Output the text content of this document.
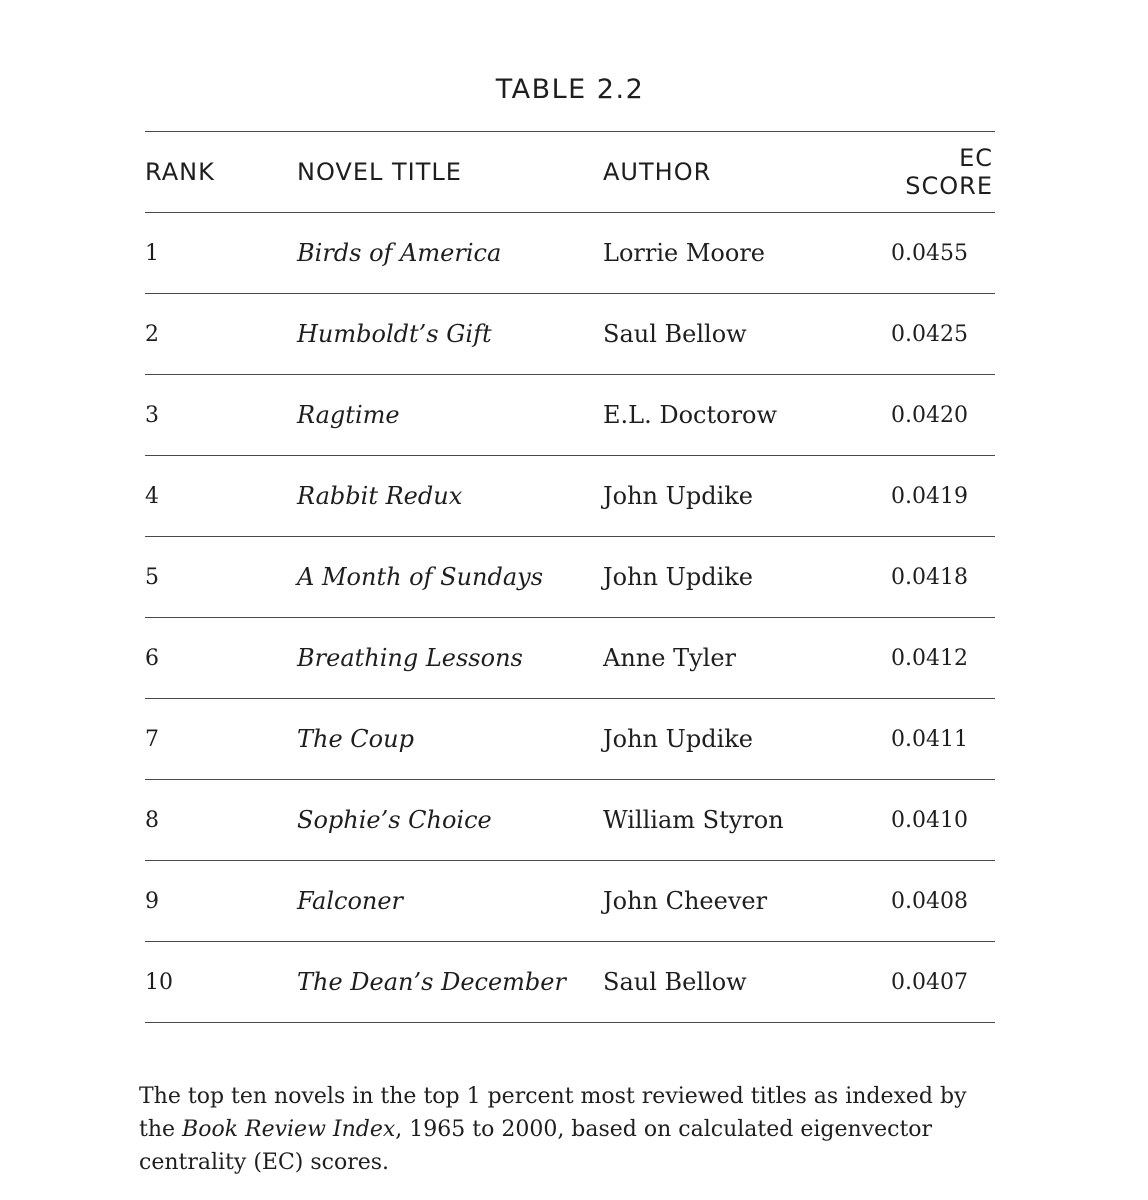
TABLE 2.2
RANK	NOVEL TITLE	AUTHOR	EC SCORE
1	Birds of America	Lorrie Moore	0.0455
2	Humboldt’s Gift	Saul Bellow	0.0425
3	Ragtime	E.L. Doctorow	0.0420
4	Rabbit Redux	John Updike	0.0419
5	A Month of Sundays	John Updike	0.0418
6	Breathing Lessons	Anne Tyler	0.0412
7	The Coup	John Updike	0.0411
8	Sophie’s Choice	William Styron	0.0410
9	Falconer	John Cheever	0.0408
10	The Dean’s December	Saul Bellow	0.0407

The top ten novels in the top 1 percent most reviewed titles as indexed by the Book Review Index, 1965 to 2000, based on calculated eigenvector centrality (EC) scores.
